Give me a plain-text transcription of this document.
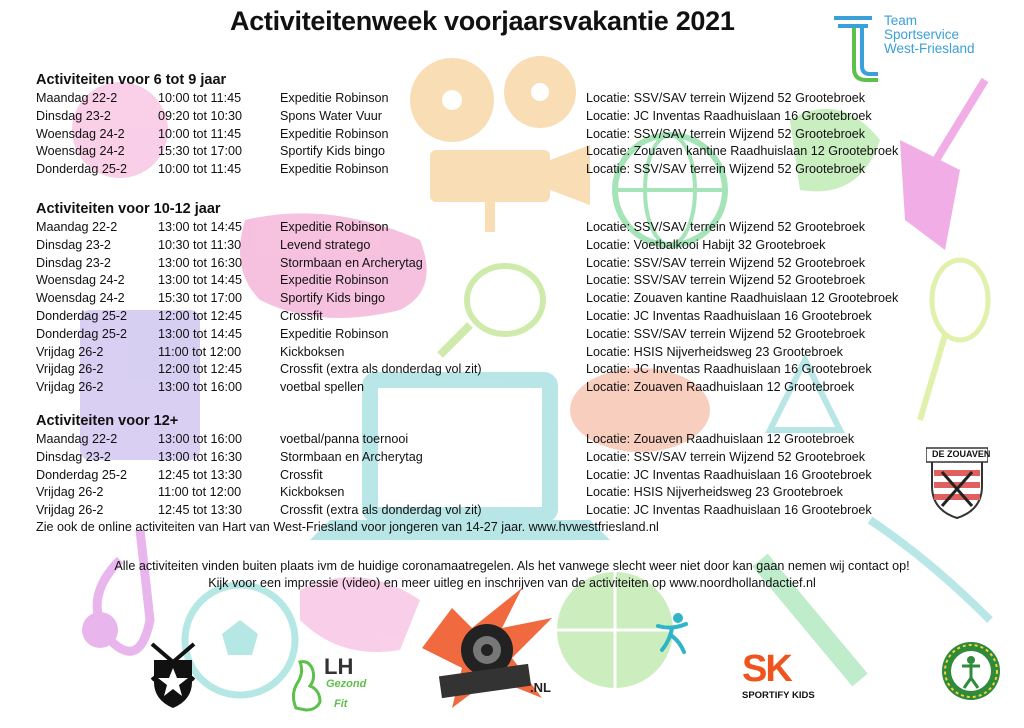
Activiteitenweek voorjaarsvakantie 2021	Team
Sportservice
West-Friesland
Activiteiten voor 6 tot 9 jaar
Maandag 22-2	10:00 tot 11:45	Expeditie Robinson	Locatie: SSV/SAV terrein Wijzend 52 Grootebroek
Dinsdag 23-2	09:20 tot 10:30	Spons Water Vuur	Locatie: JC Inventas Raadhuislaan 16 Grootebroek
Woensdag 24-2	10:00 tot 11:45	Expeditie Robinson	Locatie: SSV/SAV terrein Wijzend 52 Grootebroek
Woensdag 24-2	15:30 tot 17:00	Sportify Kids bingo	Locatie: Zouaven kantine Raadhuislaan 12 Grootebroek
Donderdag 25-2 10:00 tot 11:45	Expeditie Robinson	Locatie: SSV/SAV terrein Wijzend 52 Grootebroek
Activiteiten voor 10-12 jaar
Maandag 22-2	13:00 tot 14:45	Expeditie Robinson	Locatie: SSV/SAV terrein Wijzend 52 Grootebroek
Dinsdag 23-2	10:30 tot 11:30	Levend stratego	Locatie: Voetbalkooi Habijt 32 Grootebroek
Dinsdag 23-2	13:00 tot 16:30	Stormbaan en Archerytag	Locatie: SSV/SAV terrein Wijzend 52 Grootebroek
Woensdag 24-2	13:00 tot 14:45	Expeditie Robinson	Locatie: SSV/SAV terrein Wijzend 52 Grootebroek
Woensdag 24-2	15:30 tot 17:00	Sportify Kids bingo	Locatie: Zouaven kantine Raadhuislaan 12 Grootebroek
Donderdag 25-2 12:00 tot 12:45	Crossfit	Locatie: JC Inventas Raadhuislaan 16 Grootebroek
Donderdag 25-2 13:00 tot 14:45	Expeditie Robinson	Locatie: SSV/SAV terrein Wijzend 52 Grootebroek
Vrijdag 26-2	11:00 tot 12:00	Kickboksen	Locatie: HSIS Nijverheidsweg 23 Grootebroek
Vrijdag 26-2	12:00 tot 12:45	Crossfit (extra als donderdag vol zit)	Locatie: JC Inventas Raadhuislaan 16 Grootebroek
Vrijdag 26-2	13:00 tot 16:00	voetbal spellen	Locatie: Zouaven Raadhuislaan 12 Grootebroek
Activiteiten voor 12+
Maandag 22-2	13:00 tot 16:00	voetbal/panna toernooi	Locatie: Zouaven Raadhuislaan 12 Grootebroek
Dinsdag 23-2	13:00 tot 16:30	Stormbaan en Archerytag	Locatie: SSV/SAV terrein Wijzend 52 Grootebroek
Donderdag 25-2 12:45 tot 13:30	Crossfit	Locatie: JC Inventas Raadhuislaan 16 Grootebroek
Vrijdag 26-2	11:00 tot 12:00	Kickboksen	Locatie: HSIS Nijverheidsweg 23 Grootebroek
Vrijdag 26-2	12:45 tot 13:30	Crossfit (extra als donderdag vol zit)	Locatie: JC Inventas Raadhuislaan 16 Grootebroek
Zie ook de online activiteiten van Hart van West-Friesland voor jongeren van 14-27 jaar. www.hvwestfriesland.nl
Alle activiteiten vinden buiten plaats ivm de huidige coronamaatregelen. Als het vanwege slecht weer niet door kan gaan nemen wij contact op!
Kijk voor een impressie (video) en meer uitleg en inschrijven van de activiteiten op www.noordhollandactief.nl
DE ZOUAVEN
LH
Gezond
Fit
.NL	SK
SPORTIFY KIDS
